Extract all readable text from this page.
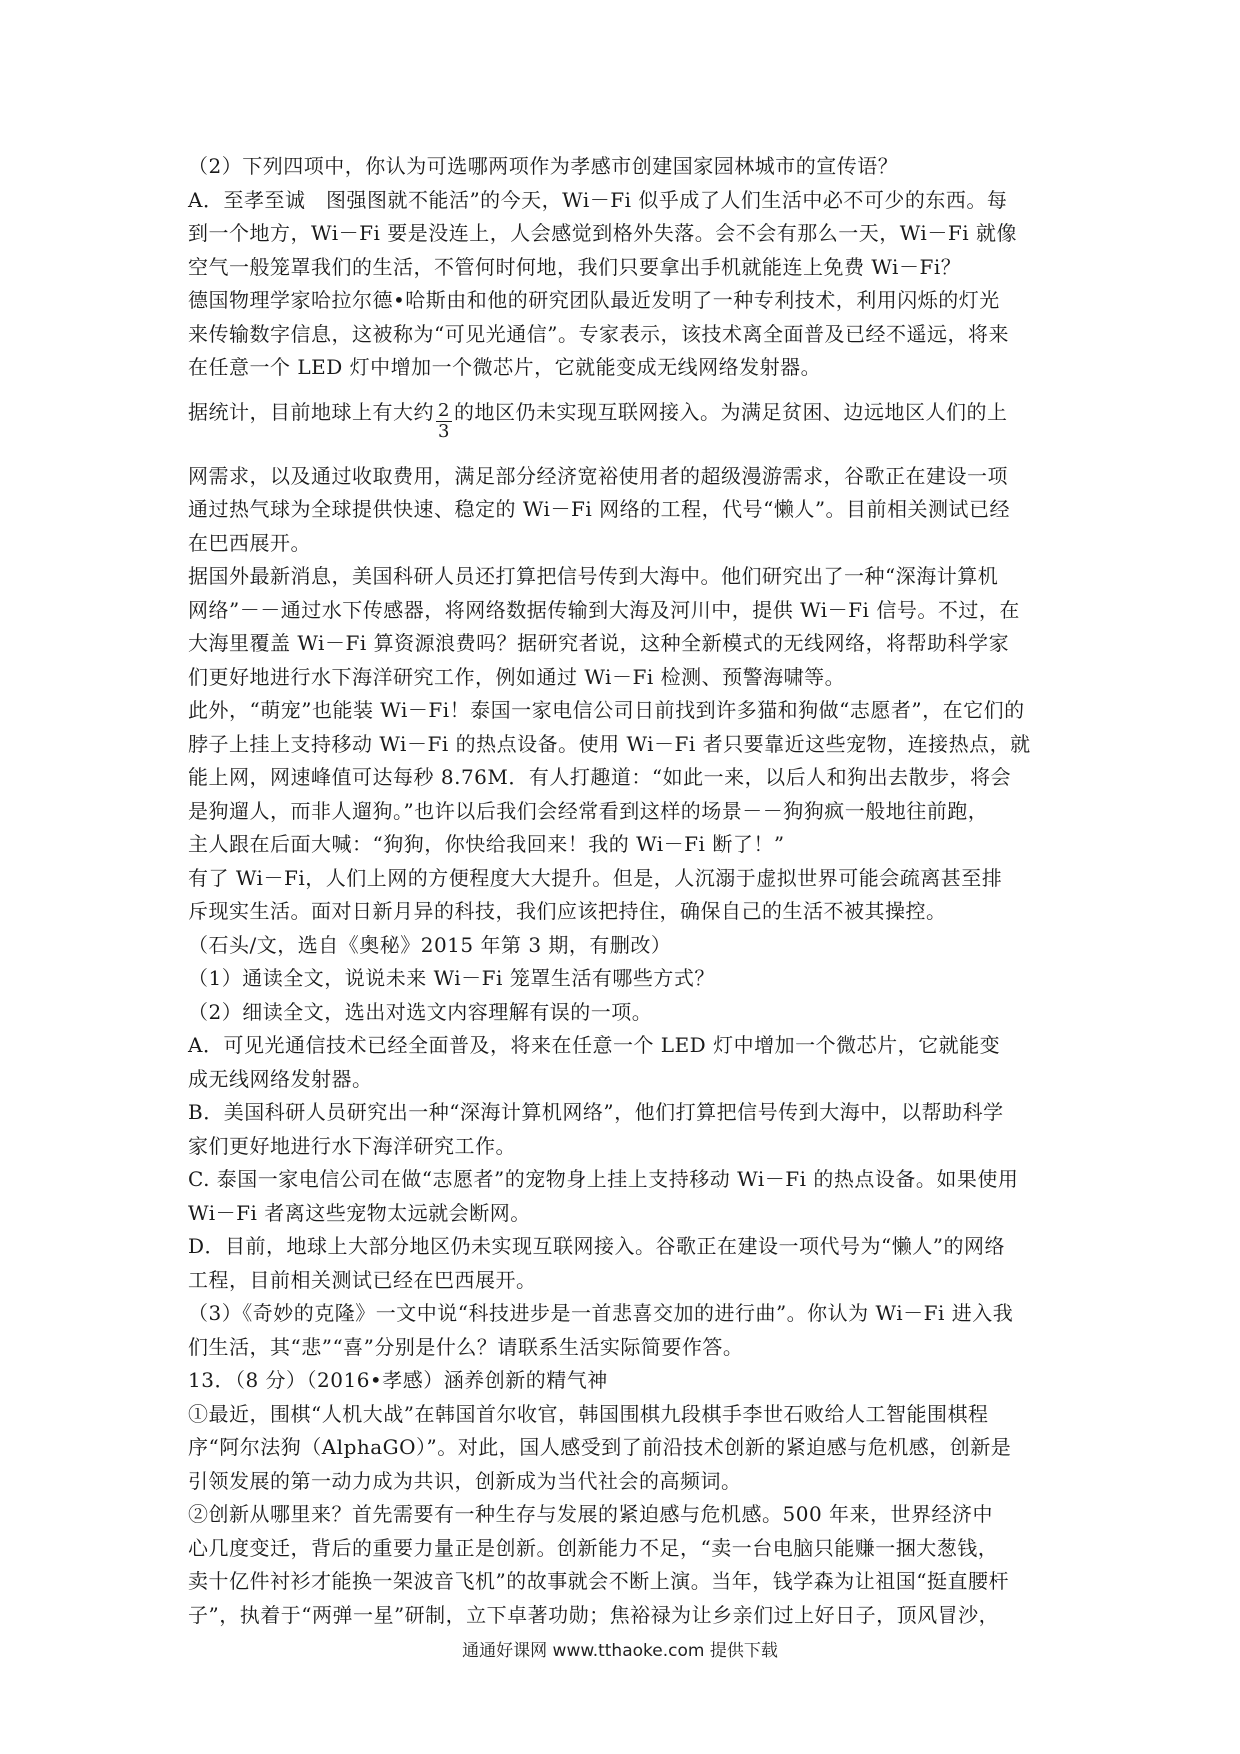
（2）下列四项中，你认为可选哪两项作为孝感市创建国家园林城市的宣传语？
A．至孝至诚　图强图就不能活”的今天，Wi－Fi 似乎成了人们生活中必不可少的东西。每
到一个地方，Wi－Fi 要是没连上，人会感觉到格外失落。会不会有那么一天，Wi－Fi 就像
空气一般笼罩我们的生活，不管何时何地，我们只要拿出手机就能连上免费 Wi－Fi？
德国物理学家哈拉尔德•哈斯由和他的研究团队最近发明了一种专利技术，利用闪烁的灯光
来传输数字信息，这被称为“可见光通信”。专家表示，该技术离全面普及已经不遥远，将来
在任意一个 LED 灯中增加一个微芯片，它就能变成无线网络发射器。
据统计，目前地球上有大约 $\frac{2}{3}$ 的地区仍未实现互联网接入。为满足贫困、边远地区人们的上
网需求，以及通过收取费用，满足部分经济宽裕使用者的超级漫游需求，谷歌正在建设一项
通过热气球为全球提供快速、稳定的 Wi－Fi 网络的工程，代号“懒人”。目前相关测试已经
在巴西展开。
据国外最新消息，美国科研人员还打算把信号传到大海中。他们研究出了一种“深海计算机
网络”－－通过水下传感器，将网络数据传输到大海及河川中，提供 Wi－Fi 信号。不过，在
大海里覆盖 Wi－Fi 算资源浪费吗？据研究者说，这种全新模式的无线网络，将帮助科学家
们更好地进行水下海洋研究工作，例如通过 Wi－Fi 检测、预警海啸等。
此外，“萌宠”也能装 Wi－Fi！泰国一家电信公司日前找到许多猫和狗做“志愿者”，在它们的
脖子上挂上支持移动 Wi－Fi 的热点设备。使用 Wi－Fi 者只要靠近这些宠物，连接热点，就
能上网，网速峰值可达每秒 8.76M．有人打趣道：“如此一来，以后人和狗出去散步，将会
是狗遛人，而非人遛狗。”也许以后我们会经常看到这样的场景－－狗狗疯一般地往前跑，
主人跟在后面大喊：“狗狗，你快给我回来！我的 Wi－Fi 断了！”
有了 Wi－Fi，人们上网的方便程度大大提升。但是，人沉溺于虚拟世界可能会疏离甚至排
斥现实生活。面对日新月异的科技，我们应该把持住，确保自己的生活不被其操控。
（石头/文，选自《奥秘》2015 年第 3 期，有删改）
（1）通读全文，说说未来 Wi－Fi 笼罩生活有哪些方式？
（2）细读全文，选出对选文内容理解有误的一项。
A．可见光通信技术已经全面普及，将来在任意一个 LED 灯中增加一个微芯片，它就能变
成无线网络发射器。
B．美国科研人员研究出一种“深海计算机网络”，他们打算把信号传到大海中，以帮助科学
家们更好地进行水下海洋研究工作。
C. 泰国一家电信公司在做“志愿者”的宠物身上挂上支持移动 Wi－Fi 的热点设备。如果使用
Wi－Fi 者离这些宠物太远就会断网。
D．目前，地球上大部分地区仍未实现互联网接入。谷歌正在建设一项代号为“懒人”的网络
工程，目前相关测试已经在巴西展开。
（3）《奇妙的克隆》一文中说“科技进步是一首悲喜交加的进行曲”。你认为 Wi－Fi 进入我
们生活，其“悲”“喜”分别是什么？请联系生活实际简要作答。
13．（8 分）（2016•孝感）涵养创新的精气神
①最近，围棋“人机大战”在韩国首尔收官，韩国围棋九段棋手李世石败给人工智能围棋程
序“阿尔法狗（AlphaGO）”。对此，国人感受到了前沿技术创新的紧迫感与危机感，创新是
引领发展的第一动力成为共识，创新成为当代社会的高频词。
②创新从哪里来？首先需要有一种生存与发展的紧迫感与危机感。500 年来，世界经济中
心几度变迁，背后的重要力量正是创新。创新能力不足，“卖一台电脑只能赚一捆大葱钱，
卖十亿件衬衫才能换一架波音飞机”的故事就会不断上演。当年，钱学森为让祖国“挺直腰杆
子”，执着于“两弹一星”研制，立下卓著功勋；焦裕禄为让乡亲们过上好日子，顶风冒沙，
通通好课网 www.tthaoke.com 提供下载
